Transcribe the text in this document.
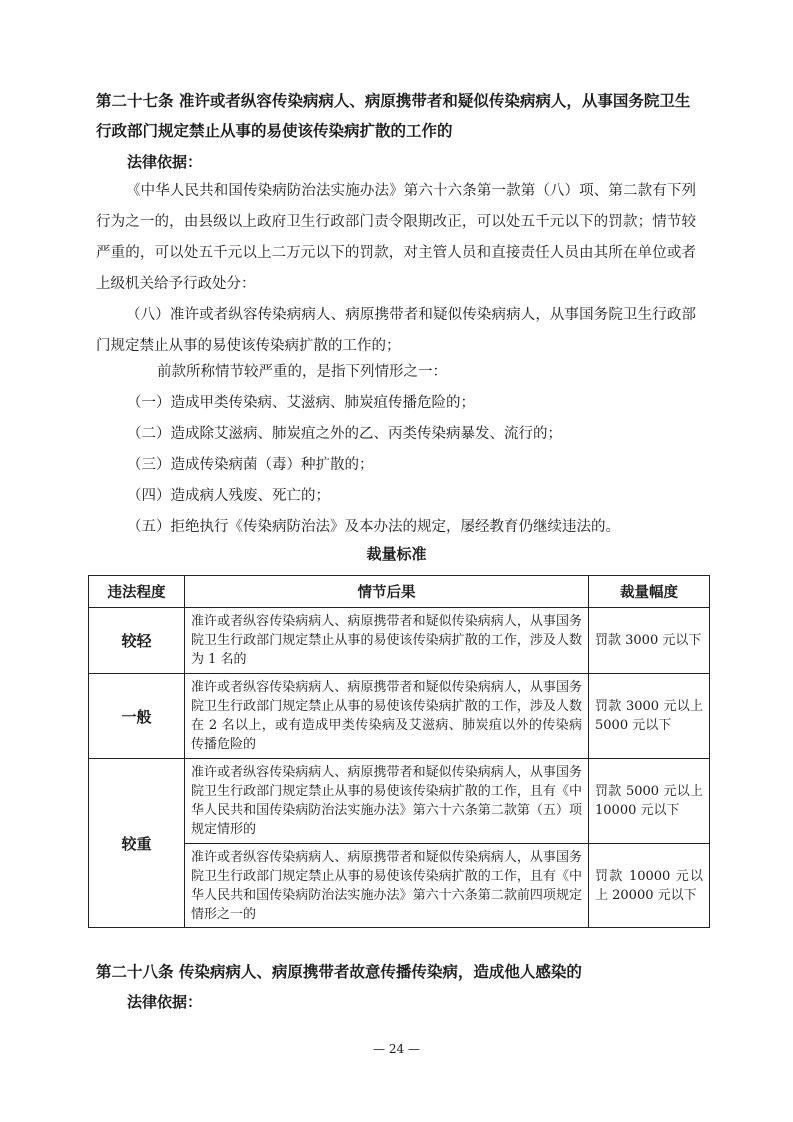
第二十七条 准许或者纵容传染病病人、病原携带者和疑似传染病病人，从事国务院卫生行政部门规定禁止从事的易使该传染病扩散的工作的

法律依据：

《中华人民共和国传染病防治法实施办法》第六十六条第一款第（八）项、第二款有下列行为之一的，由县级以上政府卫生行政部门责令限期改正，可以处五千元以下的罚款；情节较严重的，可以处五千元以上二万元以下的罚款，对主管人员和直接责任人员由其所在单位或者上级机关给予行政处分：

（八）准许或者纵容传染病病人、病原携带者和疑似传染病病人，从事国务院卫生行政部门规定禁止从事的易使该传染病扩散的工作的；

前款所称情节较严重的，是指下列情形之一：

（一）造成甲类传染病、艾滋病、肺炭疽传播危险的；

（二）造成除艾滋病、肺炭疽之外的乙、丙类传染病暴发、流行的；

（三）造成传染病菌（毒）种扩散的；

（四）造成病人残废、死亡的；

（五）拒绝执行《传染病防治法》及本办法的规定，屡经教育仍继续违法的。

裁量标准

违法程度	情节后果	裁量幅度
较轻	准许或者纵容传染病病人、病原携带者和疑似传染病病人，从事国务院卫生行政部门规定禁止从事的易使该传染病扩散的工作，涉及人数为 1 名的	罚款 3000 元以下
一般	准许或者纵容传染病病人、病原携带者和疑似传染病病人，从事国务院卫生行政部门规定禁止从事的易使该传染病扩散的工作，涉及人数在 2 名以上，或有造成甲类传染病及艾滋病、肺炭疽以外的传染病传播危险的	罚款 3000 元以上 5000 元以下
较重	准许或者纵容传染病病人、病原携带者和疑似传染病病人，从事国务院卫生行政部门规定禁止从事的易使该传染病扩散的工作，且有《中华人民共和国传染病防治法实施办法》第六十六条第二款第（五）项规定情形的	罚款 5000 元以上 10000 元以下
	准许或者纵容传染病病人、病原携带者和疑似传染病病人，从事国务院卫生行政部门规定禁止从事的易使该传染病扩散的工作，且有《中华人民共和国传染病防治法实施办法》第六十六条第二款前四项规定情形之一的	罚款 10000 元以上 20000 元以下

第二十八条 传染病病人、病原携带者故意传播传染病，造成他人感染的

法律依据：

— 24 —
